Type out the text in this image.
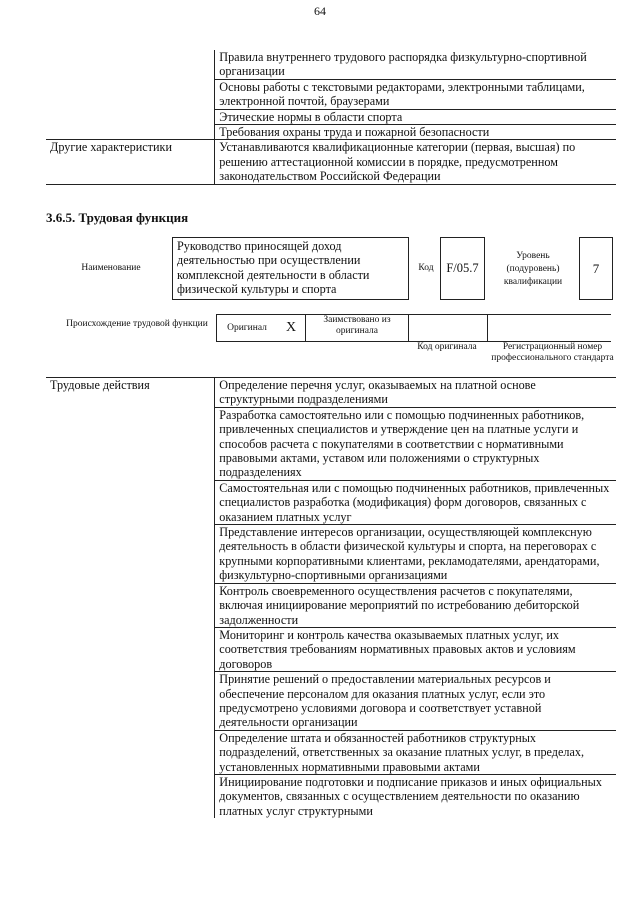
64
	Правила внутреннего трудового распорядка физкультурно-спортивной организации
	Основы работы с текстовыми редакторами, электронными таблицами, электронной почтой, браузерами
	Этические нормы в области спорта
	Требования охраны труда и пожарной безопасности
Другие характеристики	Устанавливаются квалификационные категории (первая, высшая) по решению аттестационной комиссии в порядке, предусмотренном законодательством Российской Федерации
3.6.5. Трудовая функция
Наименование
Руководство приносящей доход деятельностью при осуществлении комплексной деятельности в области физической культуры и спорта
Код	F/05.7
Уровень (подуровень) квалификации
7
Происхождение трудовой функции	Оригинал	X	Заимствовано из оригинала		
Код оригинала	Регистрационный номер профессионального стандарта
Трудовые действия	Определение перечня услуг, оказываемых на платной основе структурными подразделениями
Разработка самостоятельно или с помощью подчиненных работников, привлеченных специалистов и утверждение цен на платные услуги и способов расчета с покупателями в соответствии с нормативными правовыми актами, уставом или положениями о структурных подразделениях
Самостоятельная или с помощью подчиненных работников, привлеченных специалистов разработка (модификация) форм договоров, связанных с оказанием платных услуг
Представление интересов организации, осуществляющей комплексную деятельность в области физической культуры и спорта, на переговорах с крупными корпоративными клиентами, рекламодателями, арендаторами, физкультурно-спортивными организациями
Контроль своевременного осуществления расчетов с покупателями, включая инициирование мероприятий по истребованию дебиторской задолженности
Мониторинг и контроль качества оказываемых платных услуг, их соответствия требованиям нормативных правовых актов и условиям договоров
Принятие решений о предоставлении материальных ресурсов и обеспечение персоналом для оказания платных услуг, если это предусмотрено условиями договора и соответствует уставной деятельности организации
Определение штата и обязанностей работников структурных подразделений, ответственных за оказание платных услуг, в пределах, установленных нормативными правовыми актами
Инициирование подготовки и подписание приказов и иных официальных документов, связанных с осуществлением деятельности по оказанию платных услуг структурными
